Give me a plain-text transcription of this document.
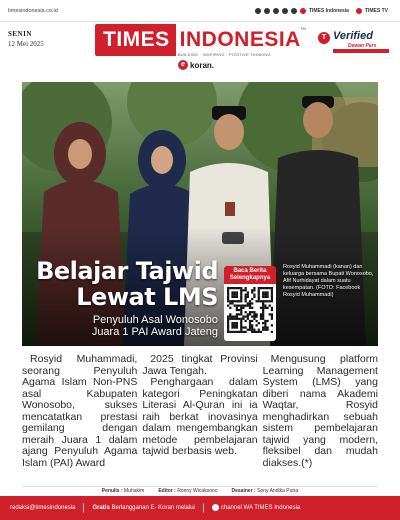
timesindonesia.co.id	TIMES Indonesia	TIMES TV
SENIN
12 Mei 2025	TIMES INDONESIA TM
BUILDING · INSPIRING · POSITIVE THINKING
T Verified
Dewan Pers
e koran.
Belajar Tajwid
Lewat LMS
Penyuluh Asal Wonosobo
Juara 1 PAI Award Jateng
Baca Berita Selengkapnya
Rosyid Muhammadi (kanan) dan keluarga bersama Bupati Wonosobo, Afif Nurhidayat dalam suatu kesempatan. (FOTO: Facebook Rosyid Muhammadi)

Rosyid Muhammadi, seorang Penyuluh Agama Islam Non-PNS asal Kabupaten Wonosobo, sukses mencatatkan prestasi gemilang dengan meraih Juara 1 dalam ajang Penyuluh Agama Islam (PAI) Award

2025 tingkat Provinsi Jawa Tengah.

Penghargaan dalam kategori Peningkatan Literasi Al-Quran ini ia raih berkat inovasinya dalam mengembangkan metode pembelajaran tajwid berbasis web.

Mengusung platform Learning Management System (LMS) yang diberi nama Akademi Waqtar, Rosyid menghadirkan sebuah sistem pembelajaran tajwid yang modern, fleksibel dan mudah diakses.(*)

Penulis : Muhakim	Editor : Ronny Wicaksono	Desainer : Sony Andika Putra
redaksi@timesindonesia	Gratis Berlangganan E- Koran melalui	channel WA TIMES Indonesia
